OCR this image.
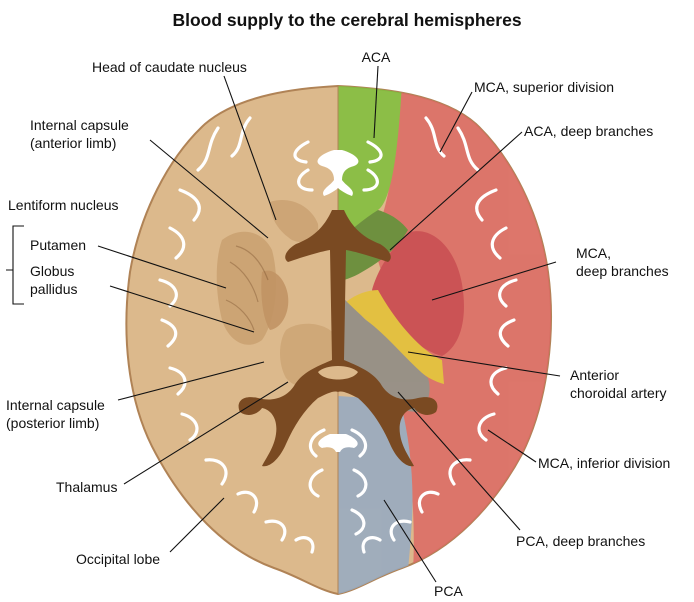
Blood supply to the cerebral hemispheres
ACA
MCA, superior division
ACA, deep branches
MCA,
deep branches
Anterior
choroidal artery
MCA, inferior division
PCA, deep branches
PCA
Head of caudate nucleus
Internal capsule
(anterior limb)
Lentiform nucleus
Putamen
Globus
pallidus
Internal capsule
(posterior limb)
Thalamus
Occipital lobe
